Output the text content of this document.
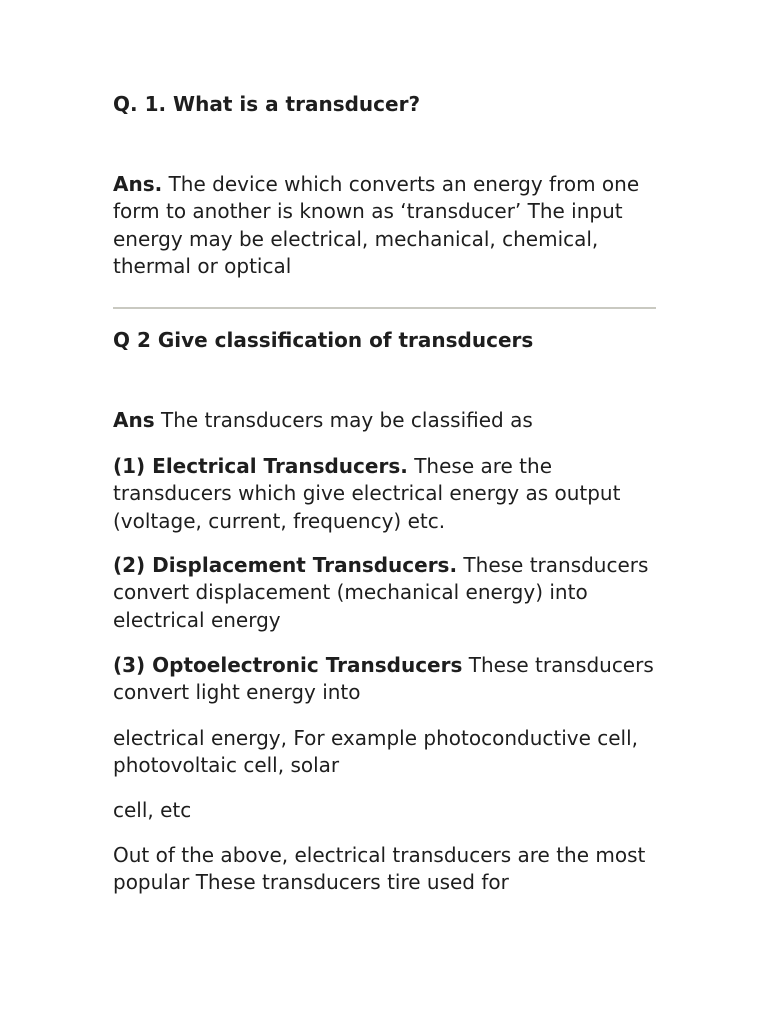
Q. 1. What is a transducer?

Ans. The device which converts an energy from one form to another is known as ‘transducer’ The input energy may be electrical, mechanical, chemical, thermal or optical

Q 2 Give classification of transducers

Ans The transducers may be classified as

(1) Electrical Transducers. These are the transducers which give electrical energy as output (voltage, current, frequency) etc.

(2) Displacement Transducers. These transducers convert displacement (mechanical energy) into electrical energy

(3) Optoelectronic Transducers These transducers convert light energy into

electrical energy, For example photoconductive cell, photovoltaic cell, solar

cell, etc

Out of the above, electrical transducers are the most popular These transducers tire used for
